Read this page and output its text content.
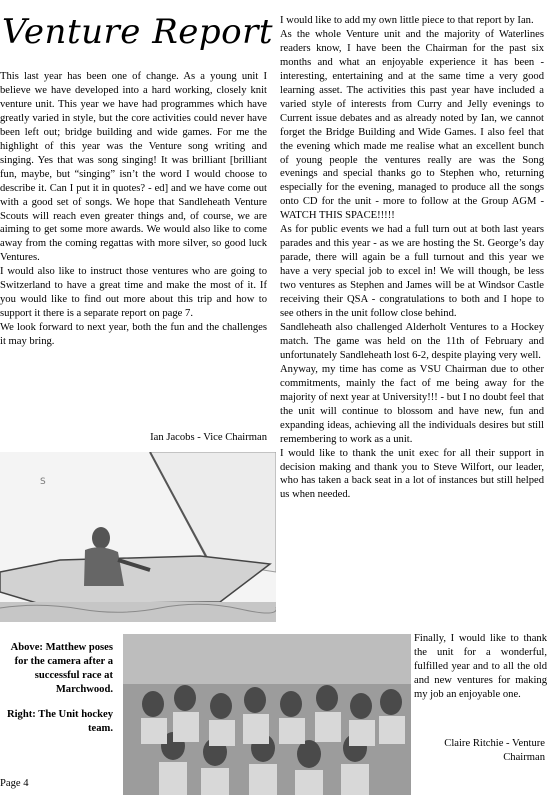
Venture Report

This last year has been one of change. As a young unit I believe we have developed into a hard working, closely knit venture unit. This year we have had programmes which have greatly varied in style, but the core activities could never have been left out; bridge building and wide games. For me the highlight of this year was the Venture song writing and singing. Yes that was song singing! It was brilliant [brilliant fun, maybe, but “singing” isn’t the word I would choose to describe it. Can I put it in quotes? - ed] and we have come out with a good set of songs. We hope that Sandleheath Venture Scouts will reach even greater things and, of course, we are aiming to get some more awards. We would also like to come away from the coming regattas with more silver, so good luck Ventures.

I would also like to instruct those ventures who are going to Switzerland to have a great time and make the most of it. If you would like to find out more about this trip and how to support it there is a separate report on page 7.

We look forward to next year, both the fun and the challenges it may bring.

Ian Jacobs - Vice Chairman
S

Above: Matthew poses for the camera after a successful race at Marchwood.

Right: The Unit hockey team.

I would like to add my own little piece to that report by Ian.

As the whole Venture unit and the majority of Waterlines readers know, I have been the Chairman for the past six months and what an enjoyable experience it has been - interesting, entertaining and at the same time a very good learning asset. The activities this past year have included a varied style of interests from Curry and Jelly evenings to Current issue debates and as already noted by Ian, we cannot forget the Bridge Building and Wide Games. I also feel that the evening which made me realise what an excellent bunch of young people the ventures really are was the Song evenings and special thanks go to Stephen who, returning especially for the evening, managed to produce all the songs onto CD for the unit - more to follow at the Group AGM - WATCH THIS SPACE!!!!!

As for public events we had a full turn out at both last years parades and this year - as we are hosting the St. George’s day parade, there will again be a full turnout and this year we have a very special job to excel in! We will though, be less two ventures as Stephen and James will be at Windsor Castle receiving their QSA - congratulations to both and I hope to see others in the unit follow close behind.

Sandleheath also challenged Alderholt Ventures to a Hockey match. The game was held on the 11th of February and unfortunately Sandleheath lost 6-2, despite playing very well.

Anyway, my time has come as VSU Chairman due to other commitments, mainly the fact of me being away for the majority of next year at University!!! - but I no doubt feel that the unit will continue to blossom and have new, fun and expanding ideas, achieving all the individuals desires but still remembering to work as a unit.

I would like to thank the unit exec for all their support in decision making and thank you to Steve Wilfort, our leader, who has taken a back seat in a lot of instances but still helped us when needed.

Finally, I would like to thank the unit for a wonderful, fulfilled year and to all the old and new ventures for making my job an enjoyable one.
Claire Ritchie - Venture Chairman
Page 4
